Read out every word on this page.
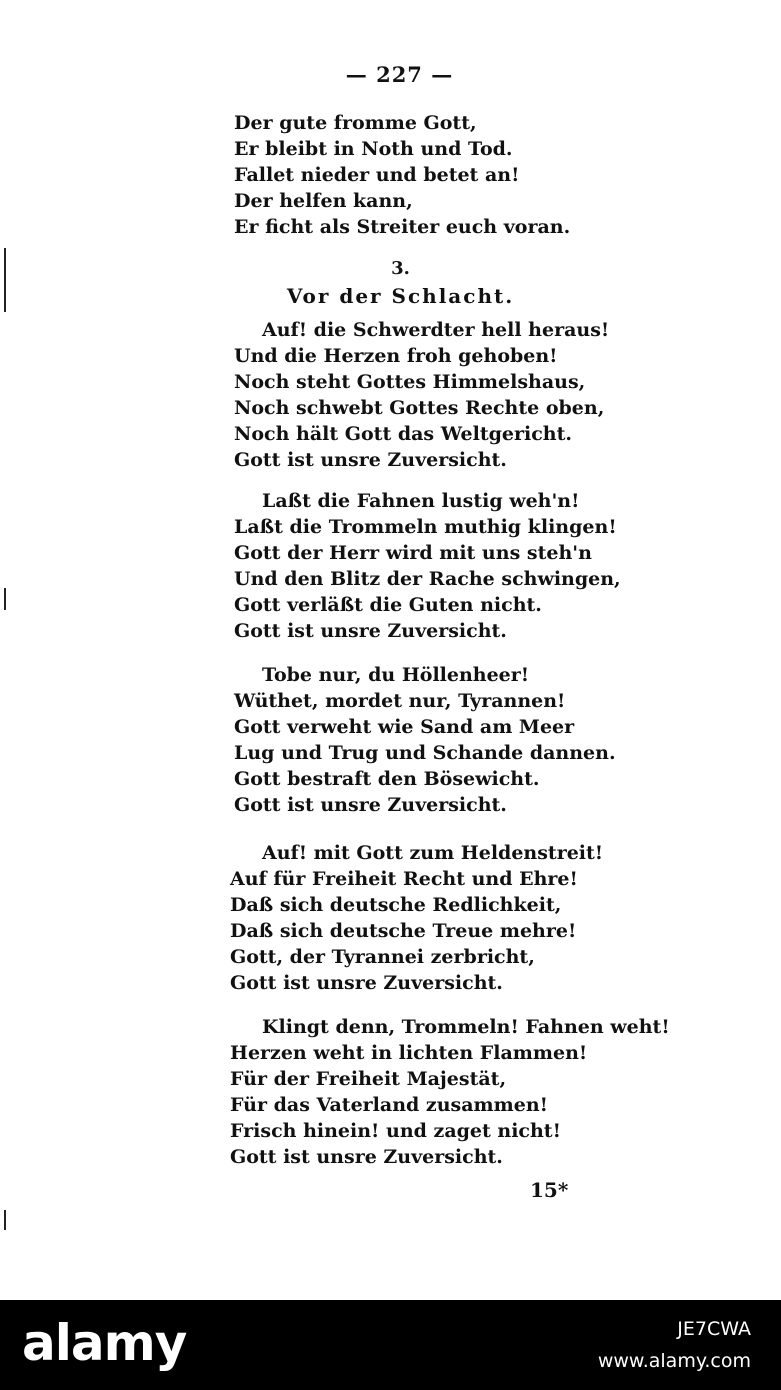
— 227 —
Der gute fromme Gott,
Er bleibt in Noth und Tod.
Fallet nieder und betet an!
Der helfen kann,
Er ficht als Streiter euch voran.
3.
Vor der Schlacht.
Auf! die Schwerdter hell heraus!
Und die Herzen froh gehoben!
Noch steht Gottes Himmelshaus,
Noch schwebt Gottes Rechte oben,
Noch hält Gott das Weltgericht.
Gott ist unsre Zuversicht.
Laßt die Fahnen lustig weh'n!
Laßt die Trommeln muthig klingen!
Gott der Herr wird mit uns steh'n
Und den Blitz der Rache schwingen,
Gott verläßt die Guten nicht.
Gott ist unsre Zuversicht.
Tobe nur, du Höllenheer!
Wüthet, mordet nur, Tyrannen!
Gott verweht wie Sand am Meer
Lug und Trug und Schande dannen.
Gott bestraft den Bösewicht.
Gott ist unsre Zuversicht.
Auf! mit Gott zum Heldenstreit!
Auf für Freiheit Recht und Ehre!
Daß sich deutsche Redlichkeit,
Daß sich deutsche Treue mehre!
Gott, der Tyrannei zerbricht,
Gott ist unsre Zuversicht.
Klingt denn, Trommeln! Fahnen weht!
Herzen weht in lichten Flammen!
Für der Freiheit Majestät,
Für das Vaterland zusammen!
Frisch hinein! und zaget nicht!
Gott ist unsre Zuversicht.
15*
alamy	JE7CWA
www.alamy.com
